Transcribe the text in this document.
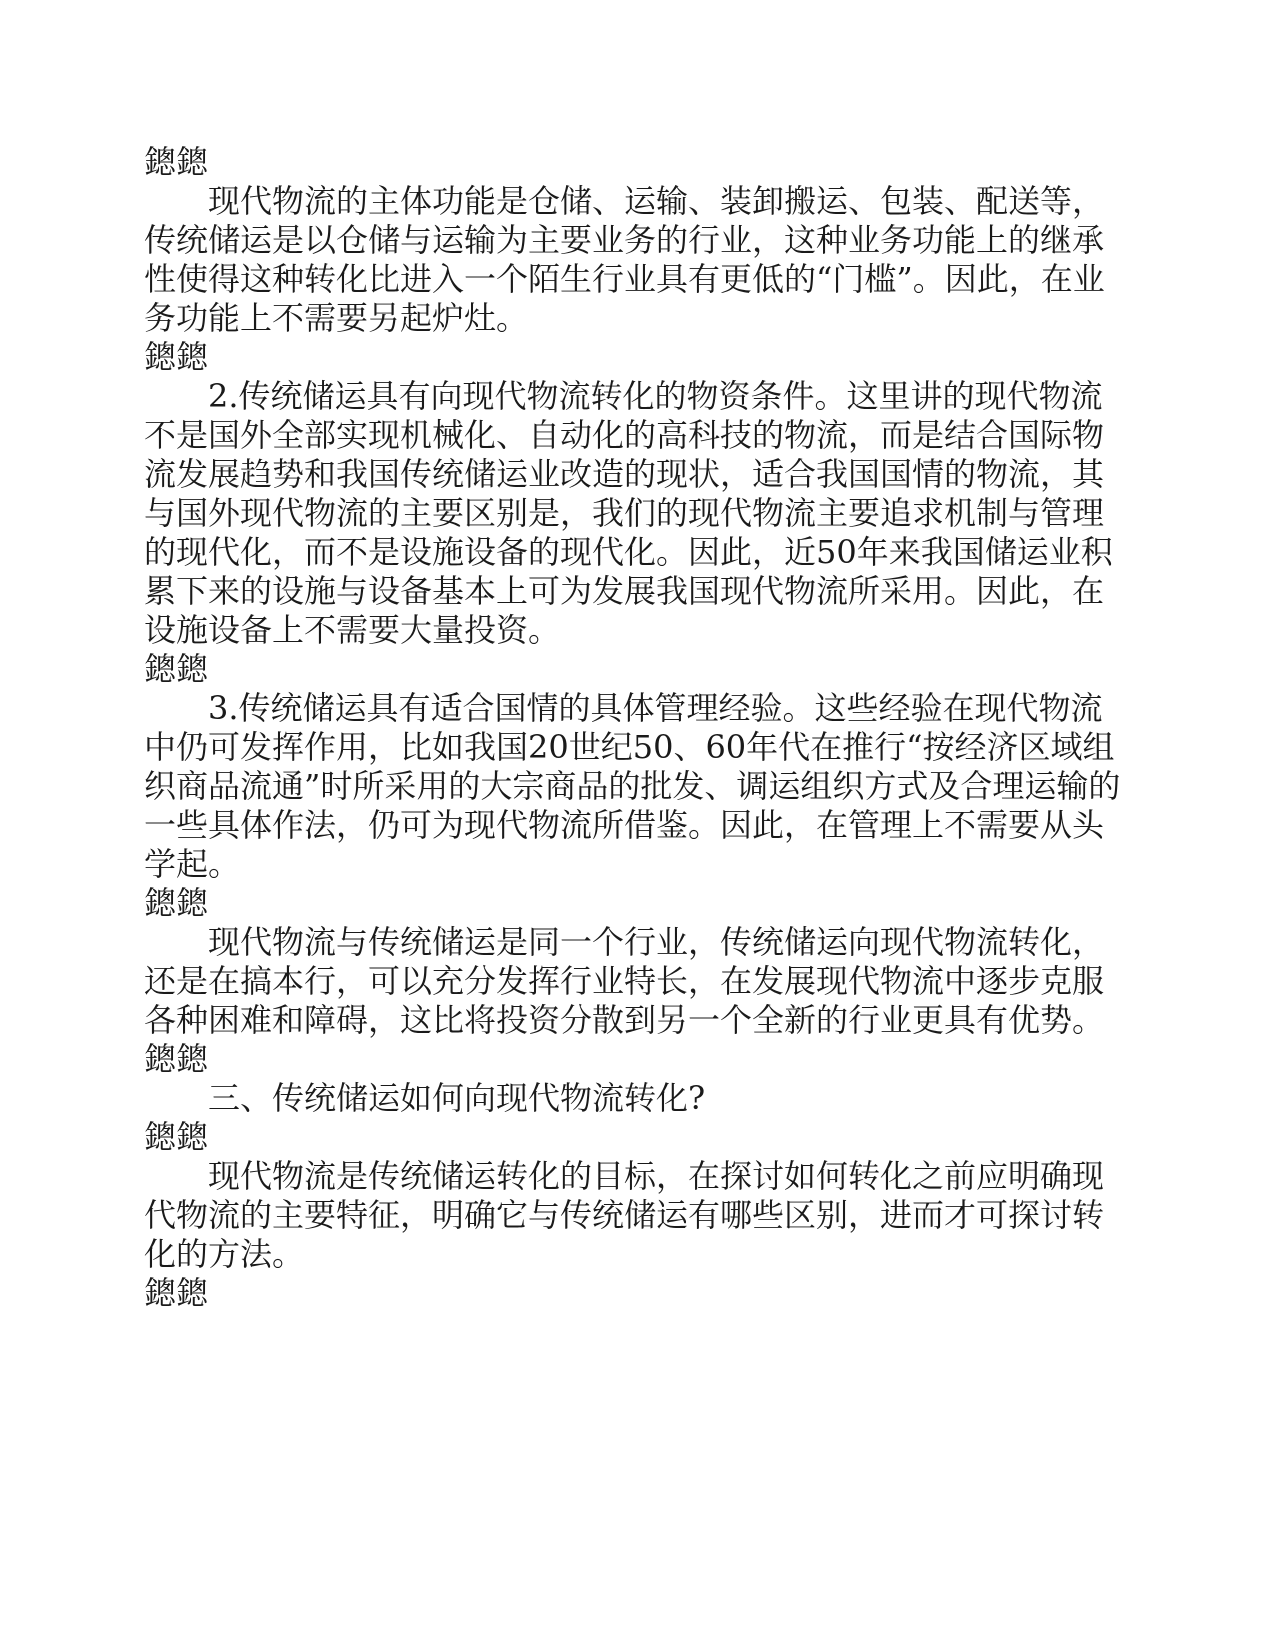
鏓鏓

现代物流的主体功能是仓储、运输、装卸搬运、包装、配送等，传统储运是以仓储与运输为主要业务的行业，这种业务功能上的继承性使得这种转化比进入一个陌生行业具有更低的“门槛”。因此，在业务功能上不需要另起炉灶。

鏓鏓

2.传统储运具有向现代物流转化的物资条件。这里讲的现代物流不是国外全部实现机械化、自动化的高科技的物流，而是结合国际物流发展趋势和我国传统储运业改造的现状，适合我国国情的物流，其与国外现代物流的主要区别是，我们的现代物流主要追求机制与管理的现代化，而不是设施设备的现代化。因此，近50年来我国储运业积累下来的设施与设备基本上可为发展我国现代物流所采用。因此，在设施设备上不需要大量投资。

鏓鏓

3.传统储运具有适合国情的具体管理经验。这些经验在现代物流中仍可发挥作用，比如我国20世纪50、60年代在推行“按经济区域组织商品流通”时所采用的大宗商品的批发、调运组织方式及合理运输的一些具体作法，仍可为现代物流所借鉴。因此，在管理上不需要从头学起。

鏓鏓

现代物流与传统储运是同一个行业，传统储运向现代物流转化，还是在搞本行，可以充分发挥行业特长，在发展现代物流中逐步克服各种困难和障碍，这比将投资分散到另一个全新的行业更具有优势。

鏓鏓

三、传统储运如何向现代物流转化?

鏓鏓

现代物流是传统储运转化的目标，在探讨如何转化之前应明确现代物流的主要特征，明确它与传统储运有哪些区别，进而才可探讨转化的方法。

鏓鏓
